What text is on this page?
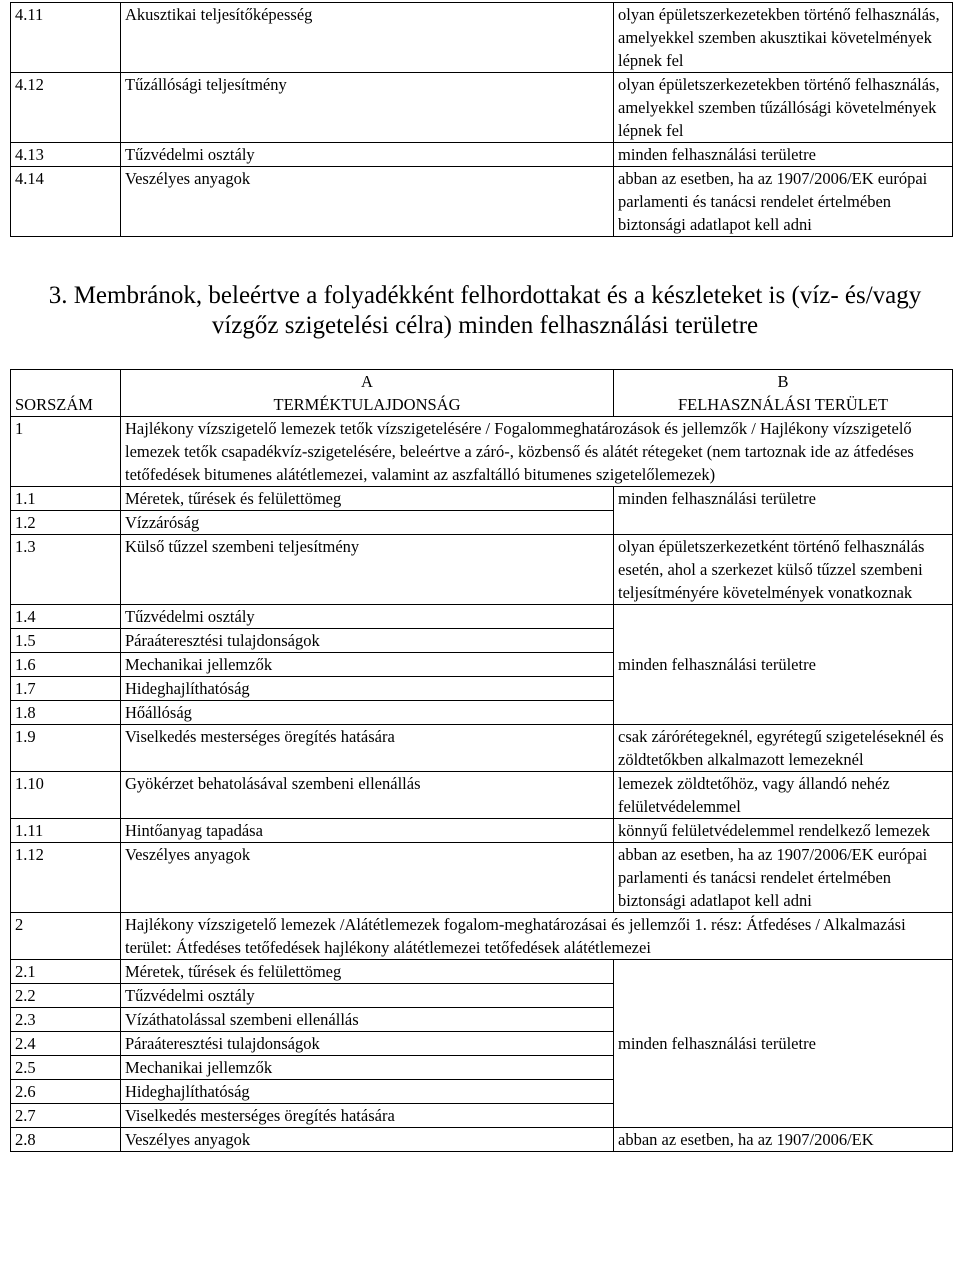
4.11	Akusztikai teljesítőképesség	olyan épületszerkezetekben történő felhasználás, amelyekkel szemben akusztikai követelmények lépnek fel
4.12	Tűzállósági teljesítmény	olyan épületszerkezetekben történő felhasználás, amelyekkel szemben tűzállósági követelmények lépnek fel
4.13	Tűzvédelmi osztály	minden felhasználási területre
4.14	Veszélyes anyagok	abban az esetben, ha az 1907/2006/EK európai parlamenti és tanácsi rendelet értelmében biztonsági adatlapot kell adni
3. Membránok, beleértve a folyadékként felhordottakat és a készleteket is (víz- és/vagy vízgőz szigetelési célra) minden felhasználási területre
	A	B
SORSZÁM	TERMÉKTULAJDONSÁG	FELHASZNÁLÁSI TERÜLET
1	Hajlékony vízszigetelő lemezek tetők vízszigetelésére / Fogalommeghatározások és jellemzők / Hajlékony vízszigetelő lemezek tetők csapadékvíz-szigetelésére, beleértve a záró-, közbenső és alátét rétegeket (nem tartoznak ide az átfedéses tetőfedések bitumenes alátétlemezei, valamint az aszfaltálló bitumenes szigetelőlemezek)	
1.1	Méretek, tűrések és felülettömeg	minden felhasználási területre
1.2	Vízzáróság	
1.3	Külső tűzzel szembeni teljesítmény	olyan épületszerkezetként történő felhasználás esetén, ahol a szerkezet külső tűzzel szembeni teljesítményére követelmények vonatkoznak
1.4	Tűzvédelmi osztály	
1.5	Páraáteresztési tulajdonságok	
1.6	Mechanikai jellemzők	minden felhasználási területre
1.7	Hideghajlíthatóság	
1.8	Hőállóság	
1.9	Viselkedés mesterséges öregítés hatására	csak zárórétegeknél, egyrétegű szigeteléseknél és zöldtetőkben alkalmazott lemezeknél
1.10	Gyökérzet behatolásával szembeni ellenállás	lemezek zöldtetőhöz, vagy állandó nehéz felületvédelemmel
1.11	Hintőanyag tapadása	könnyű felületvédelemmel rendelkező lemezek
1.12	Veszélyes anyagok	abban az esetben, ha az 1907/2006/EK európai parlamenti és tanácsi rendelet értelmében biztonsági adatlapot kell adni
2	Hajlékony vízszigetelő lemezek /Alátétlemezek fogalom-meghatározásai és jellemzői 1. rész: Átfedéses / Alkalmazási terület: Átfedéses tetőfedések hajlékony alátétlemezei tetőfedések alátétlemezei	
2.1	Méretek, tűrések és felülettömeg	
2.2	Tűzvédelmi osztály	
2.3	Vízáthatolással szembeni ellenállás	
2.4	Páraáteresztési tulajdonságok	minden felhasználási területre
2.5	Mechanikai jellemzők	
2.6	Hideghajlíthatóság	
2.7	Viselkedés mesterséges öregítés hatására	
2.8	Veszélyes anyagok	abban az esetben, ha az 1907/2006/EK
